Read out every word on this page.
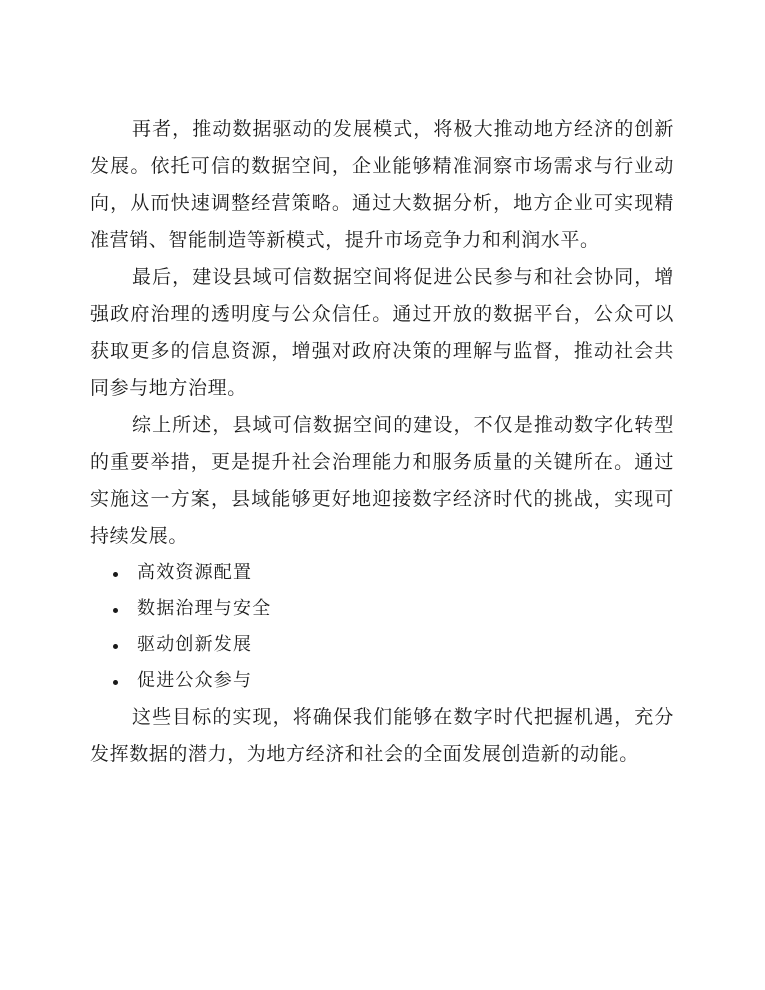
再者，推动数据驱动的发展模式，将极大推动地方经济的创新发展。依托可信的数据空间，企业能够精准洞察市场需求与行业动向，从而快速调整经营策略。通过大数据分析，地方企业可实现精准营销、智能制造等新模式，提升市场竞争力和利润水平。

最后，建设县域可信数据空间将促进公民参与和社会协同，增强政府治理的透明度与公众信任。通过开放的数据平台，公众可以获取更多的信息资源，增强对政府决策的理解与监督，推动社会共同参与地方治理。

综上所述，县域可信数据空间的建设，不仅是推动数字化转型的重要举措，更是提升社会治理能力和服务质量的关键所在。通过实施这一方案，县域能够更好地迎接数字经济时代的挑战，实现可持续发展。

高效资源配置
数据治理与安全
驱动创新发展
促进公众参与

这些目标的实现，将确保我们能够在数字时代把握机遇，充分发挥数据的潜力，为地方经济和社会的全面发展创造新的动能。
